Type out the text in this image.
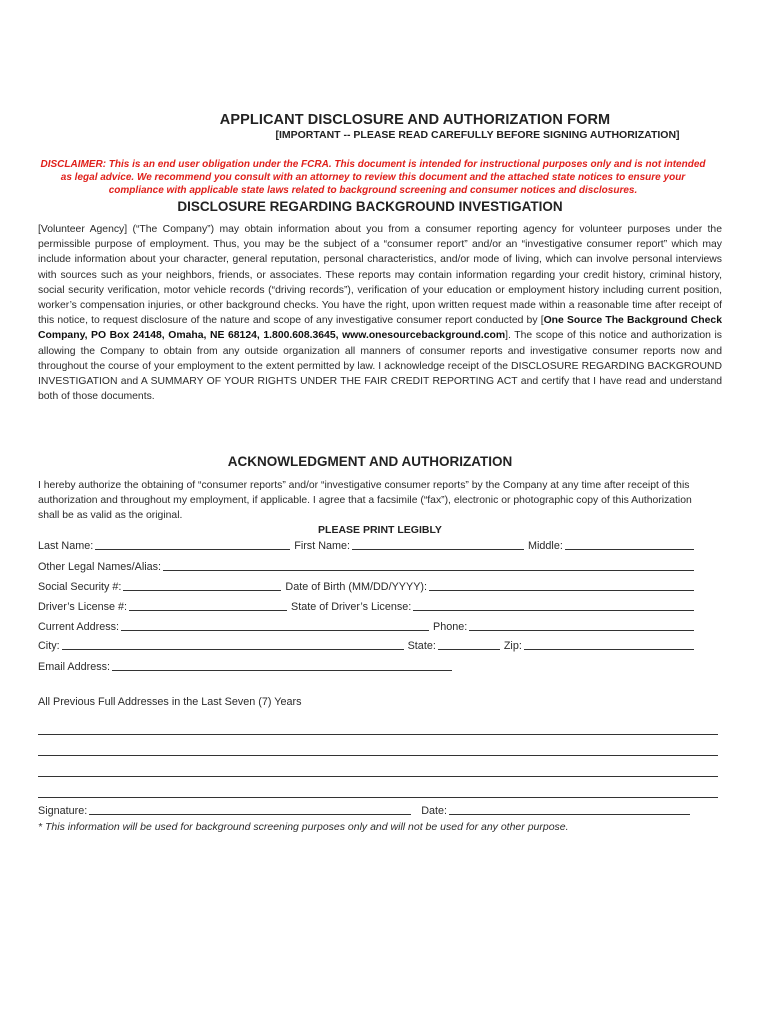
APPLICANT DISCLOSURE AND AUTHORIZATION FORM
[IMPORTANT -- PLEASE READ CAREFULLY BEFORE SIGNING AUTHORIZATION]
DISCLAIMER: This is an end user obligation under the FCRA. This document is intended for instructional purposes only and is not intended as legal advice. We recommend you consult with an attorney to review this document and the attached state notices to ensure your compliance with applicable state laws related to background screening and consumer notices and disclosures.
DISCLOSURE REGARDING BACKGROUND INVESTIGATION
[Volunteer Agency] (“The Company”) may obtain information about you from a consumer reporting agency for volunteer purposes under the permissible purpose of employment. Thus, you may be the subject of a “consumer report” and/or an “investigative consumer report” which may include information about your character, general reputation, personal characteristics, and/or mode of living, which can involve personal interviews with sources such as your neighbors, friends, or associates. These reports may contain information regarding your credit history, criminal history, social security verification, motor vehicle records (“driving records”), verification of your education or employment history including current position, worker’s compensation injuries, or other background checks. You have the right, upon written request made within a reasonable time after receipt of this notice, to request disclosure of the nature and scope of any investigative consumer report conducted by [One Source The Background Check Company, PO Box 24148, Omaha, NE 68124, 1.800.608.3645, www.onesourcebackground.com]. The scope of this notice and authorization is allowing the Company to obtain from any outside organization all manners of consumer reports and investigative consumer reports now and throughout the course of your employment to the extent permitted by law. I acknowledge receipt of the DISCLOSURE REGARDING BACKGROUND INVESTIGATION and A SUMMARY OF YOUR RIGHTS UNDER THE FAIR CREDIT REPORTING ACT and certify that I have read and understand both of those documents.
ACKNOWLEDGMENT AND AUTHORIZATION
I hereby authorize the obtaining of “consumer reports” and/or “investigative consumer reports” by the Company at any time after receipt of this authorization and throughout my employment, if applicable. I agree that a facsimile (“fax”), electronic or photographic copy of this Authorization shall be as valid as the original.
PLEASE PRINT LEGIBLY
Last Name:	First Name:	Middle:
Other Legal Names/Alias:
Social Security #:	Date of Birth (MM/DD/YYYY):
Driver’s License #:	State of Driver’s License:
Current Address:	Phone:
City:	State:	Zip:
Email Address:
All Previous Full Addresses in the Last Seven (7) Years
Signature:	Date:
* This information will be used for background screening purposes only and will not be used for any other purpose.
